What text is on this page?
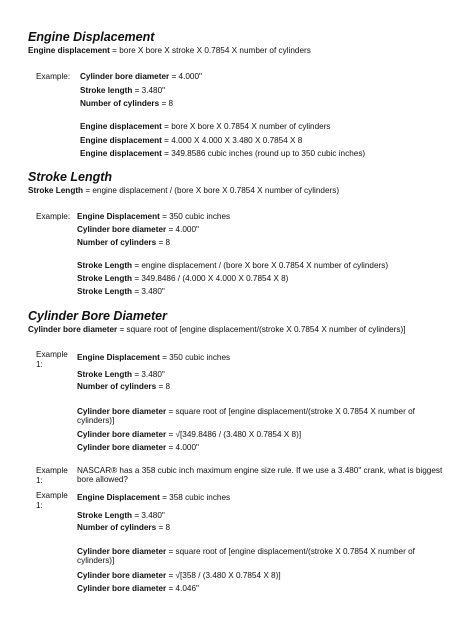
Engine Displacement
Engine displacement = bore X bore X stroke X 0.7854 X number of cylinders
Example: Cylinder bore diameter = 4.000"
Stroke length = 3.480"
Number of cylinders = 8
Engine displacement = bore X bore X 0.7854 X number of cylinders
Engine displacement = 4.000 X 4.000 X 3.480 X 0.7854 X 8
Engine displacement = 349.8586 cubic inches (round up to 350 cubic inches)
Stroke Length
Stroke Length = engine displacement / (bore X bore X 0.7854 X number of cylinders)
Example: Engine Displacement = 350 cubic inches
Cylinder bore diameter = 4.000"
Number of cylinders = 8
Stroke Length = engine displacement / (bore X bore X 0.7854 X number of cylinders)
Stroke Length = 349.8486 / (4.000 X 4.000 X 0.7854 X 8)
Stroke Length = 3.480"
Cylinder Bore Diameter
Cylinder bore diameter = square root of [engine displacement/(stroke X 0.7854 X number of cylinders)]
Example
1:
Engine Displacement = 350 cubic inches
Stroke Length = 3.480"
Number of cylinders = 8
Cylinder bore diameter = square root of [engine displacement/(stroke X 0.7854 X number of cylinders)]
Cylinder bore diameter = √[349.8486 / (3.480 X 0.7854 X 8)]
Cylinder bore diameter = 4.000"
Example
1:
NASCAR® has a 358 cubic inch maximum engine size rule. If we use a 3.480" crank, what is biggest bore allowed?
Example
1:
Engine Displacement = 358 cubic inches
Stroke Length = 3.480"
Number of cylinders = 8
Cylinder bore diameter = square root of [engine displacement/(stroke X 0.7854 X number of cylinders)]
Cylinder bore diameter = √[358 / (3.480 X 0.7854 X 8)]
Cylinder bore diameter = 4.046"
